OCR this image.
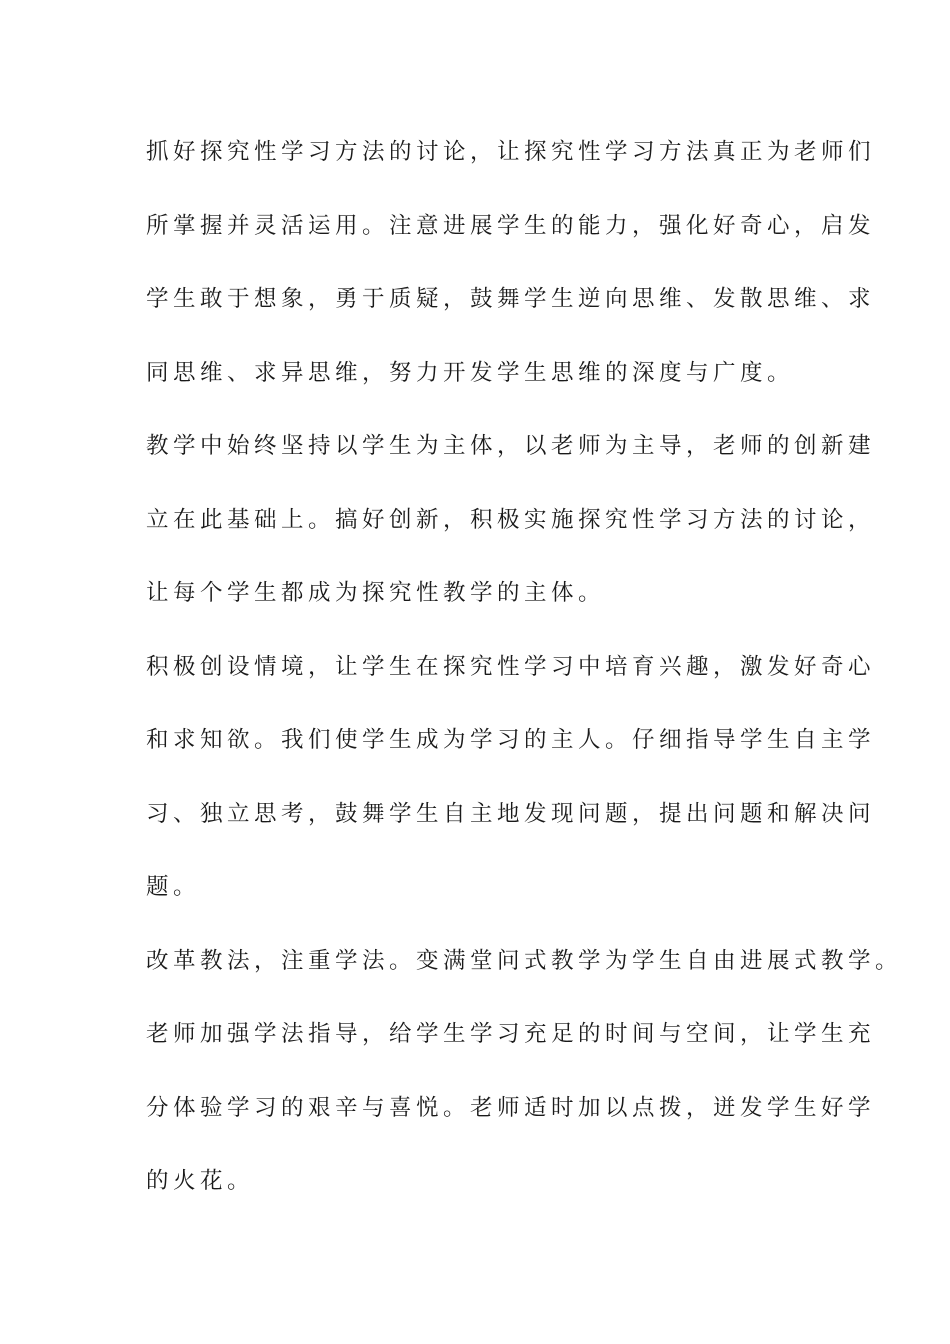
抓好探究性学习方法的讨论，让探究性学习方法真正为老师们
所掌握并灵活运用。注意进展学生的能力，强化好奇心，启发
学生敢于想象，勇于质疑，鼓舞学生逆向思维、发散思维、求
同思维、求异思维，努力开发学生思维的深度与广度。
教学中始终坚持以学生为主体，以老师为主导，老师的创新建
立在此基础上。搞好创新，积极实施探究性学习方法的讨论，
让每个学生都成为探究性教学的主体。
积极创设情境，让学生在探究性学习中培育兴趣，激发好奇心
和求知欲。我们使学生成为学习的主人。仔细指导学生自主学
习、独立思考，鼓舞学生自主地发现问题，提出问题和解决问
题。
改革教法，注重学法。变满堂问式教学为学生自由进展式教学。
老师加强学法指导，给学生学习充足的时间与空间，让学生充
分体验学习的艰辛与喜悦。老师适时加以点拨，迸发学生好学
的火花。
